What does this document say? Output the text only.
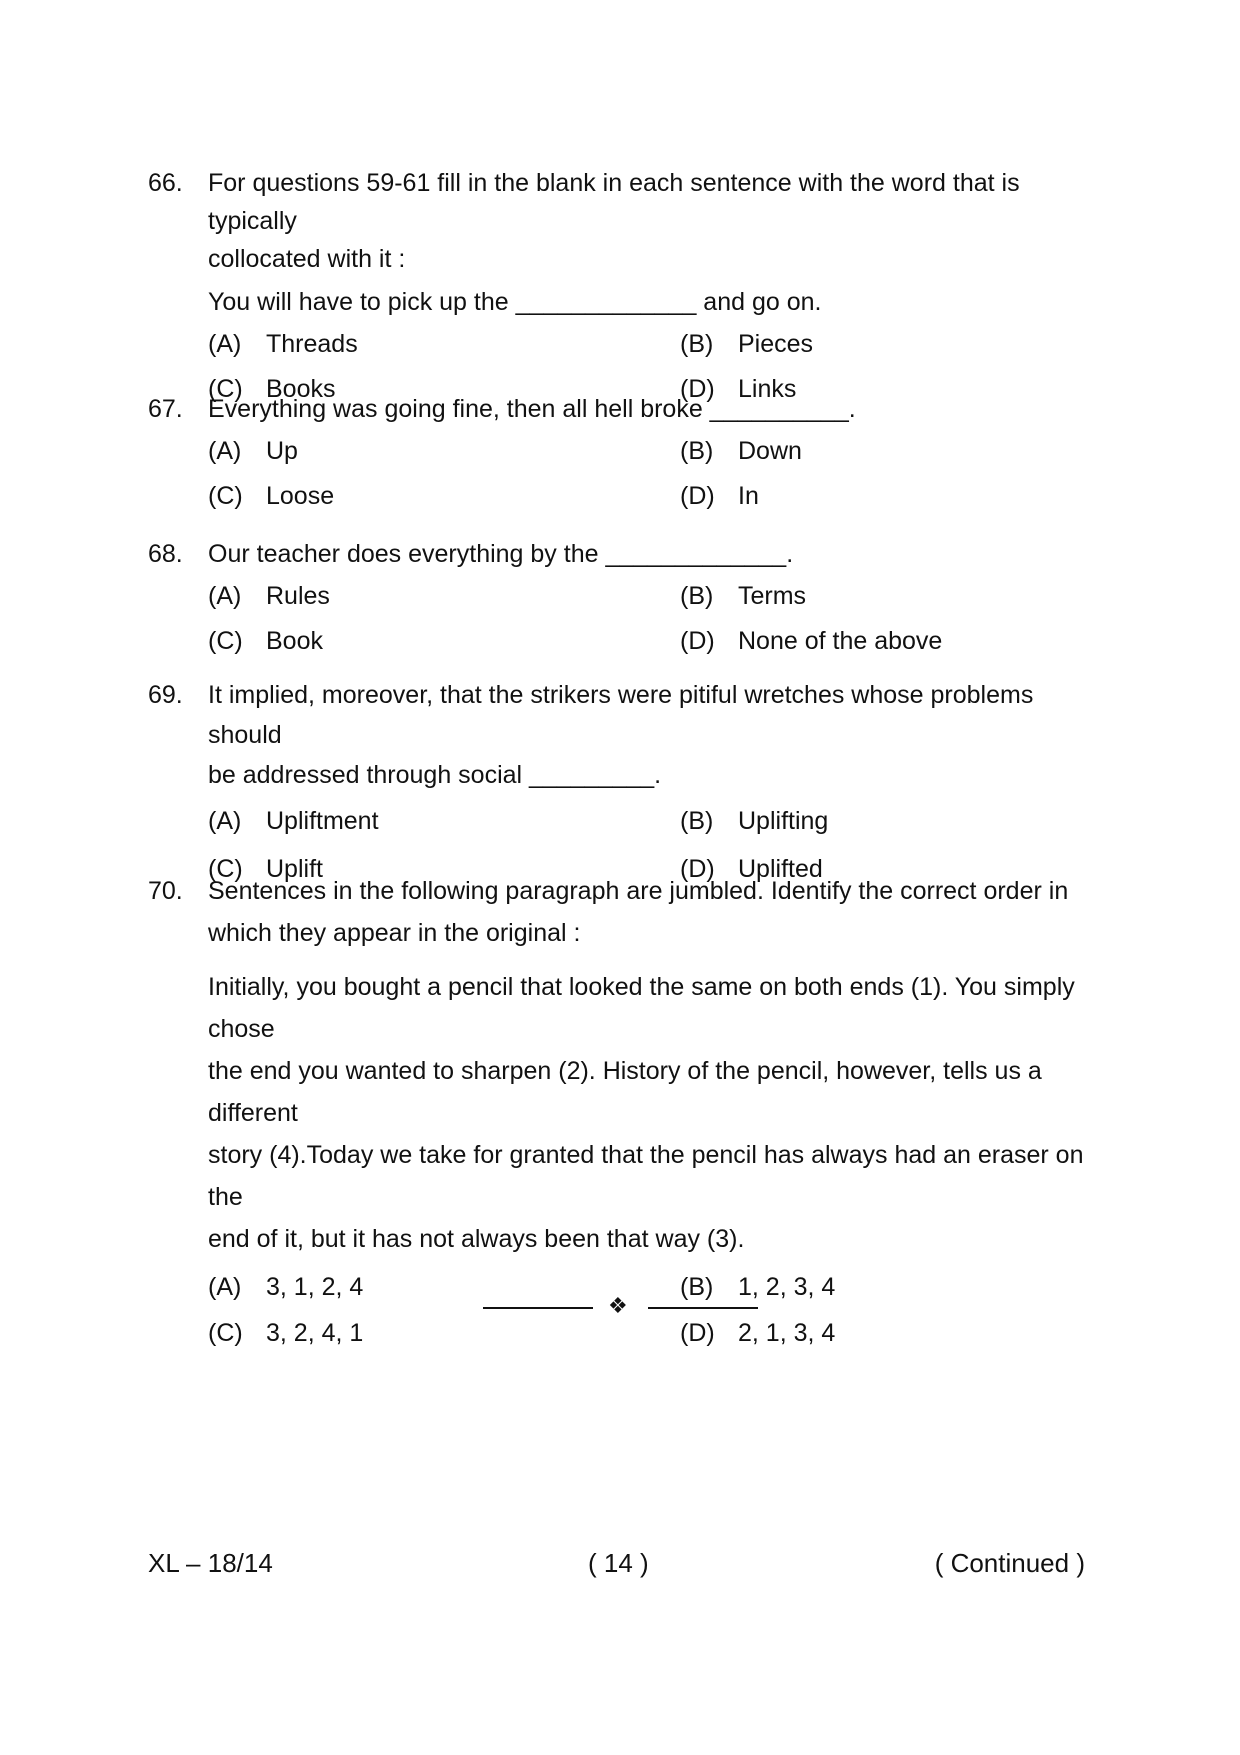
66. For questions 59-61 fill in the blank in each sentence with the word that is typically
collocated with it :
You will have to pick up the _____________ and go on.
(A) Threads	(B) Pieces
(C) Books	(D) Links
67. Everything was going fine, then all hell broke __________.
(A) Up	(B) Down
(C) Loose	(D) In
68. Our teacher does everything by the _____________.
(A) Rules	(B) Terms
(C) Book	(D) None of the above
69. It implied, moreover, that the strikers were pitiful wretches whose problems should
be addressed through social _________.
(A) Upliftment	(B) Uplifting
(C) Uplift	(D) Uplifted
70. Sentences in the following paragraph are jumbled. Identify the correct order in
which they appear in the original :
Initially, you bought a pencil that looked the same on both ends (1). You simply chose
the end you wanted to sharpen (2). History of the pencil, however, tells us a different
story (4).Today we take for granted that the pencil has always had an eraser on the
end of it, but it has not always been that way (3).
(A) 3, 1, 2, 4	(B) 1, 2, 3, 4
(C) 3, 2, 4, 1	(D) 2, 1, 3, 4
❖
XL – 18/14	( 14 )	( Continued )
